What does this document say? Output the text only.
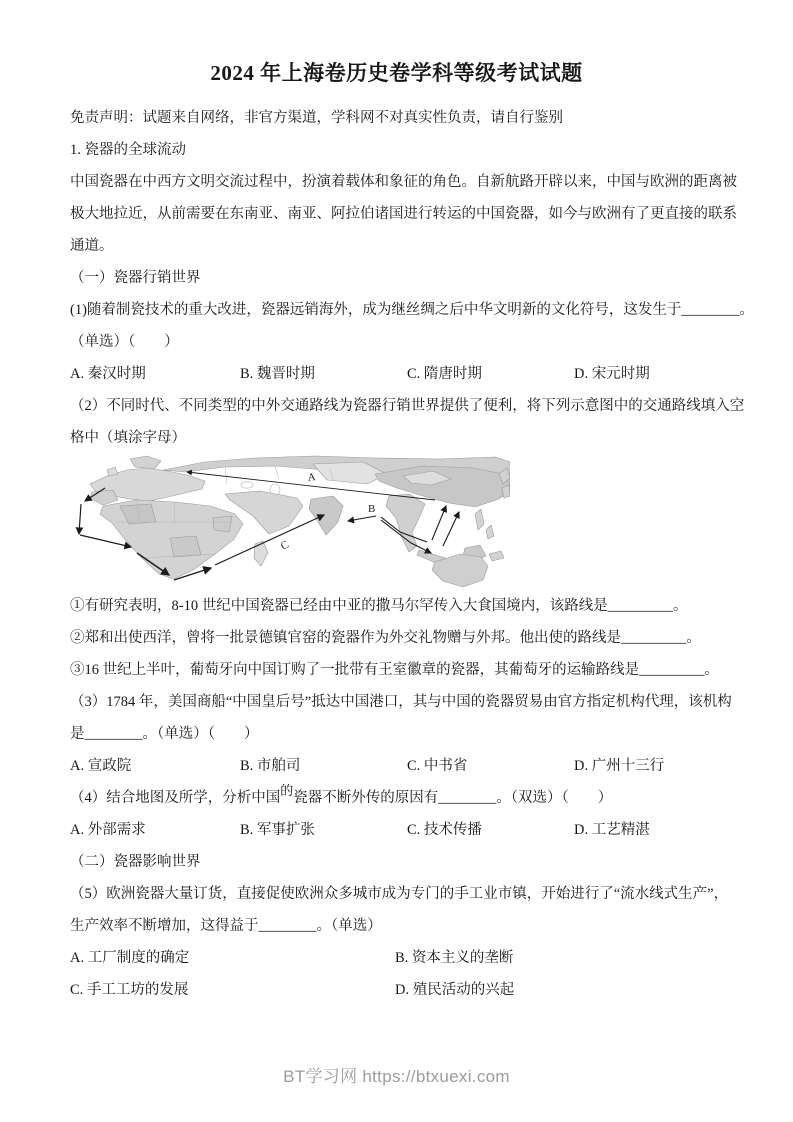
2024 年上海卷历史卷学科等级考试试题
免责声明：试题来自网络，非官方渠道，学科网不对真实性负责，请自行鉴别
1. 瓷器的全球流动
中国瓷器在中西方文明交流过程中，扮演着载体和象征的角色。自新航路开辟以来，中国与欧洲的距离被
极大地拉近，从前需要在东南亚、南亚、阿拉伯诸国进行转运的中国瓷器，如今与欧洲有了更直接的联系
通道。
（一）瓷器行销世界
(1)随着制瓷技术的重大改进，瓷器远销海外，成为继丝绸之后中华文明新的文化符号，这发生于________。
（单选）（　　）
A. 秦汉时期	B. 魏晋时期	C. 隋唐时期	D. 宋元时期
（2）不同时代、不同类型的中外交通路线为瓷器行销世界提供了便利，将下列示意图中的交通路线填入空
格中（填涂字母）
A
B
C
①有研究表明，8-10 世纪中国瓷器已经由中亚的撒马尔罕传入大食国境内，该路线是_________。
②郑和出使西洋，曾将一批景德镇官窑的瓷器作为外交礼物赠与外邦。他出使的路线是_________。
③16 世纪上半叶，葡萄牙向中国订购了一批带有王室徽章的瓷器，其葡萄牙的运输路线是_________。
（3）1784 年，美国商船“中国皇后号”抵达中国港口，其与中国的瓷器贸易由官方指定机构代理，该机构
是________。（单选）（　　）
A. 宣政院	B. 市舶司	C. 中书省	D. 广州十三行
（4）结合地图及所学，分析中国的瓷器不断外传的原因有________。（双选）（　　）
A. 外部需求	B. 军事扩张	C. 技术传播	D. 工艺精湛
（二）瓷器影响世界
（5）欧洲瓷器大量订货，直接促使欧洲众多城市成为专门的手工业市镇，开始进行了“流水线式生产”，
生产效率不断增加，这得益于________。（单选）
A. 工厂制度的确定	B. 资本主义的垄断
C. 手工工坊的发展	D. 殖民活动的兴起
BT学习网 https://btxuexi.com
